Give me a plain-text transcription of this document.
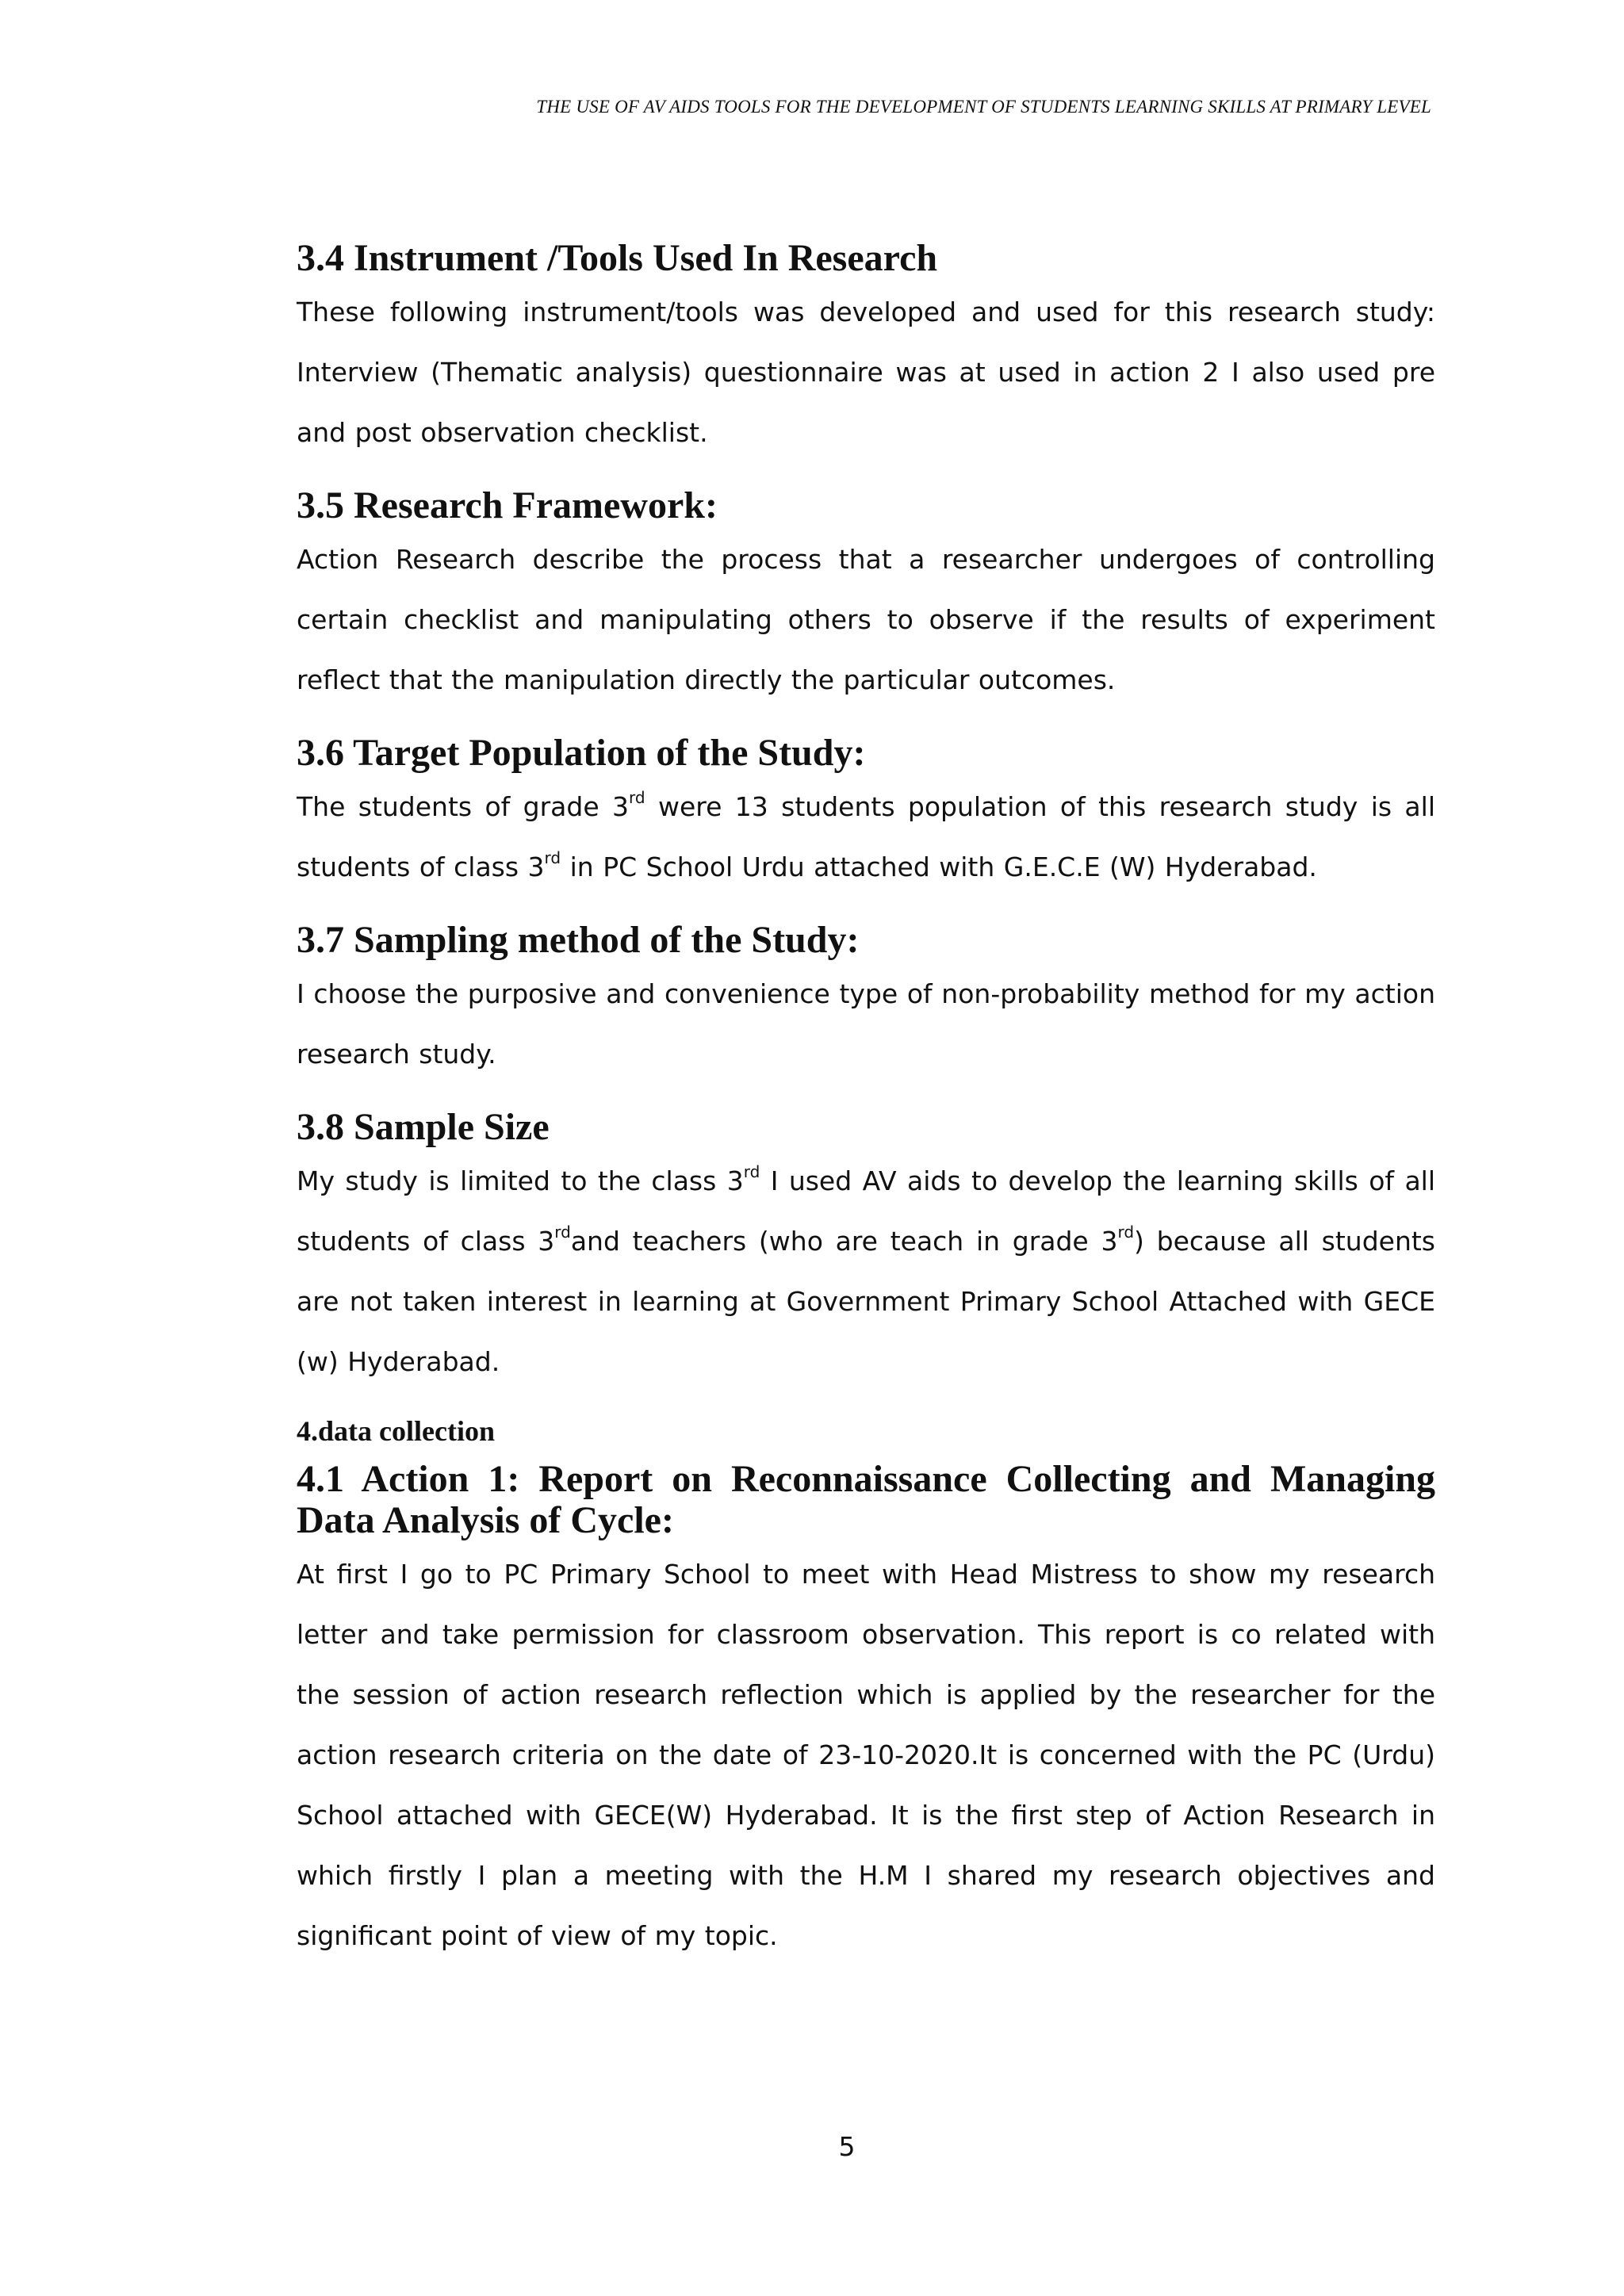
THE USE OF AV AIDS TOOLS FOR THE DEVELOPMENT OF STUDENTS LEARNING SKILLS AT PRIMARY LEVEL
3.4 Instrument /Tools Used In Research

These following instrument/tools was developed and used for this research study: Interview (Thematic analysis) questionnaire was at used in action 2 I also used pre and post observation checklist.

3.5 Research Framework:

Action Research describe the process that a researcher undergoes of controlling certain checklist and manipulating others to observe if the results of experiment reflect that the manipulation directly the particular outcomes.

3.6 Target Population of the Study:

The students of grade 3rd were 13 students population of this research study is all students of class 3rd in PC School Urdu attached with G.E.C.E (W) Hyderabad.

3.7 Sampling method of the Study:

I choose the purposive and convenience type of non-probability method for my action research study.

3.8 Sample Size

My study is limited to the class 3rd I used AV aids to develop the learning skills of all students of class 3rdand teachers (who are teach in grade 3rd) because all students are not taken interest in learning at Government Primary School Attached with GECE (w) Hyderabad.

4.data collection
4.1 Action 1: Report on Reconnaissance Collecting and Managing Data Analysis of Cycle:

At first I go to PC Primary School to meet with Head Mistress to show my research letter and take permission for classroom observation. This report is co related with the session of action research reflection which is applied by the researcher for the action research criteria on the date of 23-10-2020.It is concerned with the PC (Urdu) School attached with GECE(W) Hyderabad. It is the first step of Action Research in which firstly I plan a meeting with the H.M I shared my research objectives and significant point of view of my topic.

5
